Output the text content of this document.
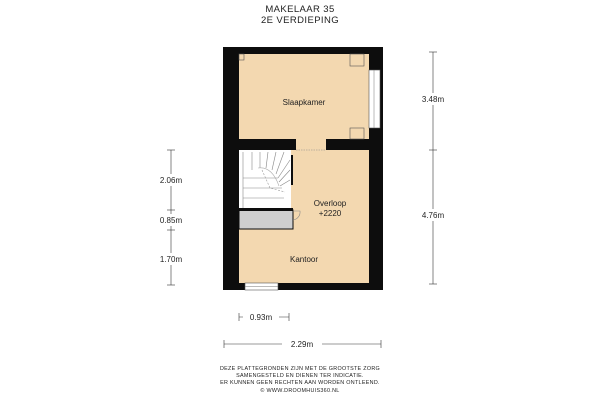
MAKELAAR 35
2E VERDIEPING
Slaapkamer
Overloop
+2220
Kantoor
3.48m
4.76m
2.06m
0.85m
1.70m
0.93m
2.29m
DEZE PLATTEGRONDEN ZIJN MET DE GROOTSTE ZORG
SAMENGESTELD EN DIENEN TER INDICATIE.
ER KUNNEN GEEN RECHTEN AAN WORDEN ONTLEEND.
© WWW.DROOMHUIS360.NL
